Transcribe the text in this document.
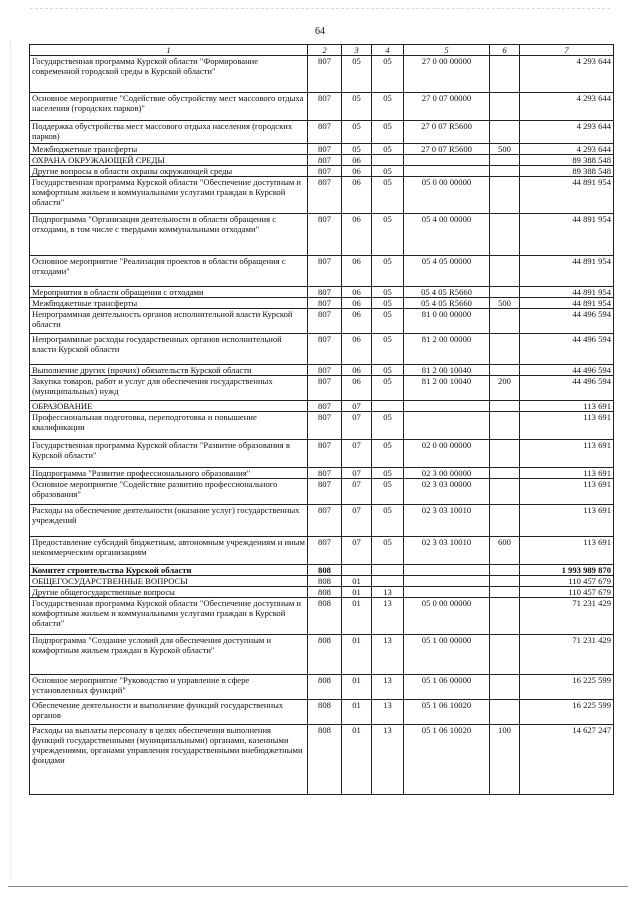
64
1	2	3	4	5	6	7
Государственная программа Курской области "Формирование современной городской среды в Курской области"	807	05	05	27 0 00 00000		4 293 644
Основное мероприятие "Содействие обустройству мест массового отдыха населения (городских парков)"	807	05	05	27 0 07 00000		4 293 644
Поддержка обустройства мест массового отдыха населения (городских парков)	807	05	05	27 0 07 R5600		4 293 644
Межбюджетные трансферты	807	05	05	27 0 07 R5600	500	4 293 644
ОХРАНА ОКРУЖАЮЩЕЙ СРЕДЫ	807	06				89 388 548
Другие вопросы в области охраны окружающей среды	807	06	05			89 388 548
Государственная программа Курской области "Обеспечение доступным и комфортным жильем и коммунальными услугами граждан в Курской области"	807	06	05	05 0 00 00000		44 891 954
Подпрограмма "Организация деятельности в области обращения с отходами, в том числе с твердыми коммунальными отходами"	807	06	05	05 4 00 00000		44 891 954
Основное мероприятие "Реализация проектов в области обращения с отходами"	807	06	05	05 4 05 00000		44 891 954
Мероприятия в области обращения с отходами	807	06	05	05 4 05 R5660		44 891 954
Межбюджетные трансферты	807	06	05	05 4 05 R5660	500	44 891 954
Непрограммная деятельность органов исполнительной власти Курской области	807	06	05	81 0 00 00000		44 496 594
Непрограммные расходы государственных органов исполнительной власти Курской области	807	06	05	81 2 00 00000		44 496 594
Выполнение других (прочих) обязательств Курской области	807	06	05	81 2 00 10040		44 496 594
Закупка товаров, работ и услуг для обеспечения государственных (муниципальных) нужд	807	06	05	81 2 00 10040	200	44 496 594
ОБРАЗОВАНИЕ	807	07				113 691
Профессиональная подготовка, переподготовка и повышение квалификации	807	07	05			113 691
Государственная программа Курской области "Развитие образования в Курской области"	807	07	05	02 0 00 00000		113 691
Подпрограмма "Развитие профессионального образования"	807	07	05	02 3 00 00000		113 691
Основное мероприятие "Содействие развитию профессионального образования"	807	07	05	02 3 03 00000		113 691
Расходы на обеспечение деятельности (оказание услуг) государственных учреждений	807	07	05	02 3 03 10010		113 691
Предоставление субсидий бюджетным, автономным учреждениям и иным некоммерческим организациям	807	07	05	02 3 03 10010	600	113 691
Комитет строительства Курской области	808					1 993 989 870
ОБЩЕГОСУДАРСТВЕННЫЕ ВОПРОСЫ	808	01				110 457 679
Другие общегосударственные вопросы	808	01	13			110 457 679
Государственная программа Курской области "Обеспечение доступным и комфортным жильем и коммунальными услугами граждан в Курской области"	808	01	13	05 0 00 00000		71 231 429
Подпрограмма "Создание условий для обеспечения доступным и комфортным жильем граждан в Курской области"	808	01	13	05 1 00 00000		71 231 429
Основное мероприятие "Руководство и управление в сфере установленных функций"	808	01	13	05 1 06 00000		16 225 599
Обеспечение деятельности и выполнение функций государственных органов	808	01	13	05 1 06 10020		16 225 599
Расходы на выплаты персоналу в целях обеспечения выполнения функций государственными (муниципальными) органами, казенными учреждениями, органами управления государственными внебюджетными фондами	808	01	13	05 1 06 10020	100	14 627 247
